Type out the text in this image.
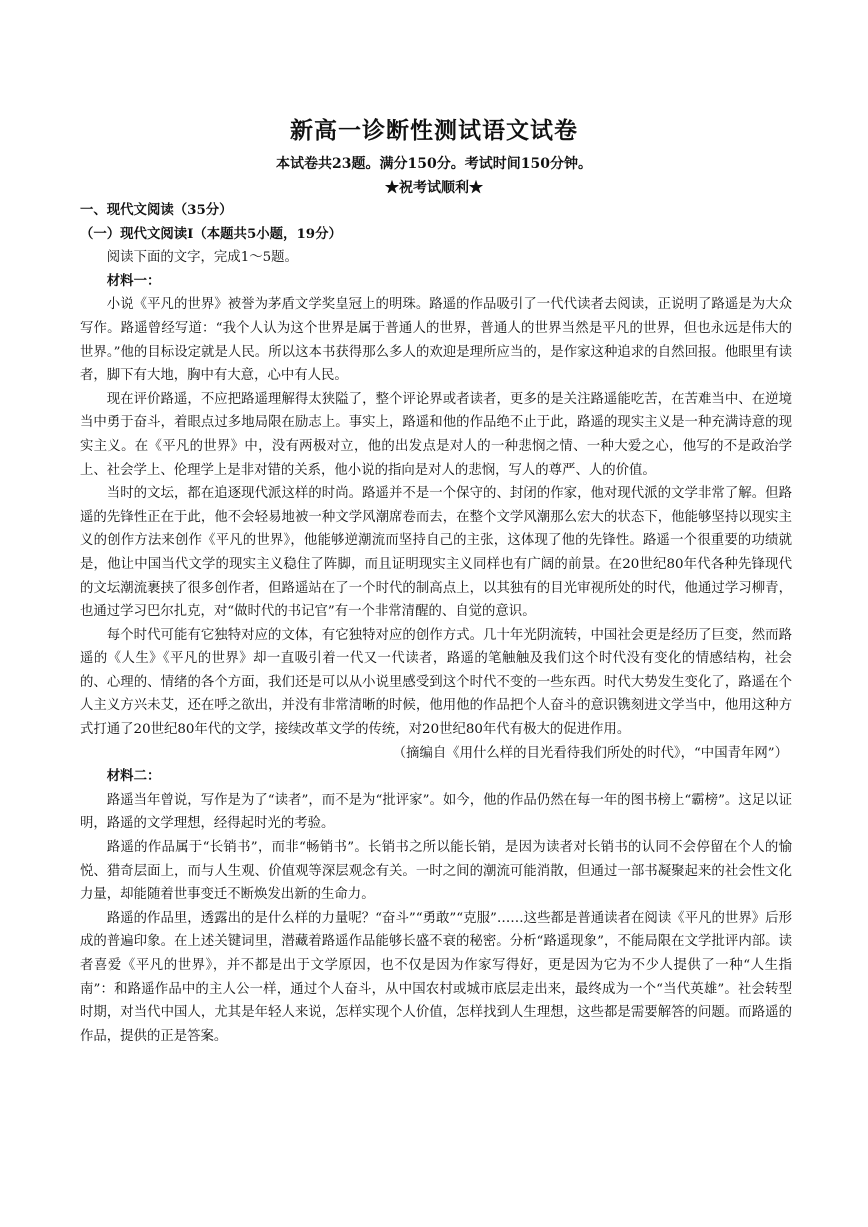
新高一诊断性测试语文试卷
本试卷共23题。满分150分。考试时间150分钟。
★祝考试顺利★

一、现代文阅读（35分）

（一）现代文阅读Ⅰ（本题共5小题，19分）

阅读下面的文字，完成1～5题。

材料一：

小说《平凡的世界》被誉为茅盾文学奖皇冠上的明珠。路遥的作品吸引了一代代读者去阅读，正说明了路遥是为大众写作。路遥曾经写道：“我个人认为这个世界是属于普通人的世界，普通人的世界当然是平凡的世界，但也永远是伟大的世界。”他的目标设定就是人民。所以这本书获得那么多人的欢迎是理所应当的，是作家这种追求的自然回报。他眼里有读者，脚下有大地，胸中有大意，心中有人民。

现在评价路遥，不应把路遥理解得太狭隘了，整个评论界或者读者，更多的是关注路遥能吃苦，在苦难当中、在逆境当中勇于奋斗，着眼点过多地局限在励志上。事实上，路遥和他的作品绝不止于此，路遥的现实主义是一种充满诗意的现实主义。在《平凡的世界》中，没有两极对立，他的出发点是对人的一种悲悯之情、一种大爱之心，他写的不是政治学上、社会学上、伦理学上是非对错的关系，他小说的指向是对人的悲悯，写人的尊严、人的价值。

当时的文坛，都在追逐现代派这样的时尚。路遥并不是一个保守的、封闭的作家，他对现代派的文学非常了解。但路遥的先锋性正在于此，他不会轻易地被一种文学风潮席卷而去，在整个文学风潮那么宏大的状态下，他能够坚持以现实主义的创作方法来创作《平凡的世界》，他能够逆潮流而坚持自己的主张，这体现了他的先锋性。路遥一个很重要的功绩就是，他让中国当代文学的现实主义稳住了阵脚，而且证明现实主义同样也有广阔的前景。在20世纪80年代各种先锋现代的文坛潮流裹挟了很多创作者，但路遥站在了一个时代的制高点上，以其独有的目光审视所处的时代，他通过学习柳青，也通过学习巴尔扎克，对“做时代的书记官”有一个非常清醒的、自觉的意识。

每个时代可能有它独特对应的文体，有它独特对应的创作方式。几十年光阴流转，中国社会更是经历了巨变，然而路遥的《人生》《平凡的世界》却一直吸引着一代又一代读者，路遥的笔触触及我们这个时代没有变化的情感结构，社会的、心理的、情绪的各个方面，我们还是可以从小说里感受到这个时代不变的一些东西。时代大势发生变化了，路遥在个人主义方兴未艾，还在呼之欲出，并没有非常清晰的时候，他用他的作品把个人奋斗的意识镌刻进文学当中，他用这种方式打通了20世纪80年代的文学，接续改革文学的传统，对20世纪80年代有极大的促进作用。

（摘编自《用什么样的目光看待我们所处的时代》，“中国青年网”）

材料二：

路遥当年曾说，写作是为了“读者”，而不是为“批评家”。如今，他的作品仍然在每一年的图书榜上“霸榜”。这足以证明，路遥的文学理想，经得起时光的考验。

路遥的作品属于“长销书”，而非“畅销书”。长销书之所以能长销，是因为读者对长销书的认同不会停留在个人的愉悦、猎奇层面上，而与人生观、价值观等深层观念有关。一时之间的潮流可能消散，但通过一部书凝聚起来的社会性文化力量，却能随着世事变迁不断焕发出新的生命力。

路遥的作品里，透露出的是什么样的力量呢？“奋斗”“勇敢”“克服”……这些都是普通读者在阅读《平凡的世界》后形成的普遍印象。在上述关键词里，潜藏着路遥作品能够长盛不衰的秘密。分析“路遥现象”，不能局限在文学批评内部。读者喜爱《平凡的世界》，并不都是出于文学原因，也不仅是因为作家写得好，更是因为它为不少人提供了一种“人生指南”：和路遥作品中的主人公一样，通过个人奋斗，从中国农村或城市底层走出来，最终成为一个“当代英雄”。社会转型时期，对当代中国人，尤其是年轻人来说，怎样实现个人价值，怎样找到人生理想，这些都是需要解答的问题。而路遥的作品，提供的正是答案。
